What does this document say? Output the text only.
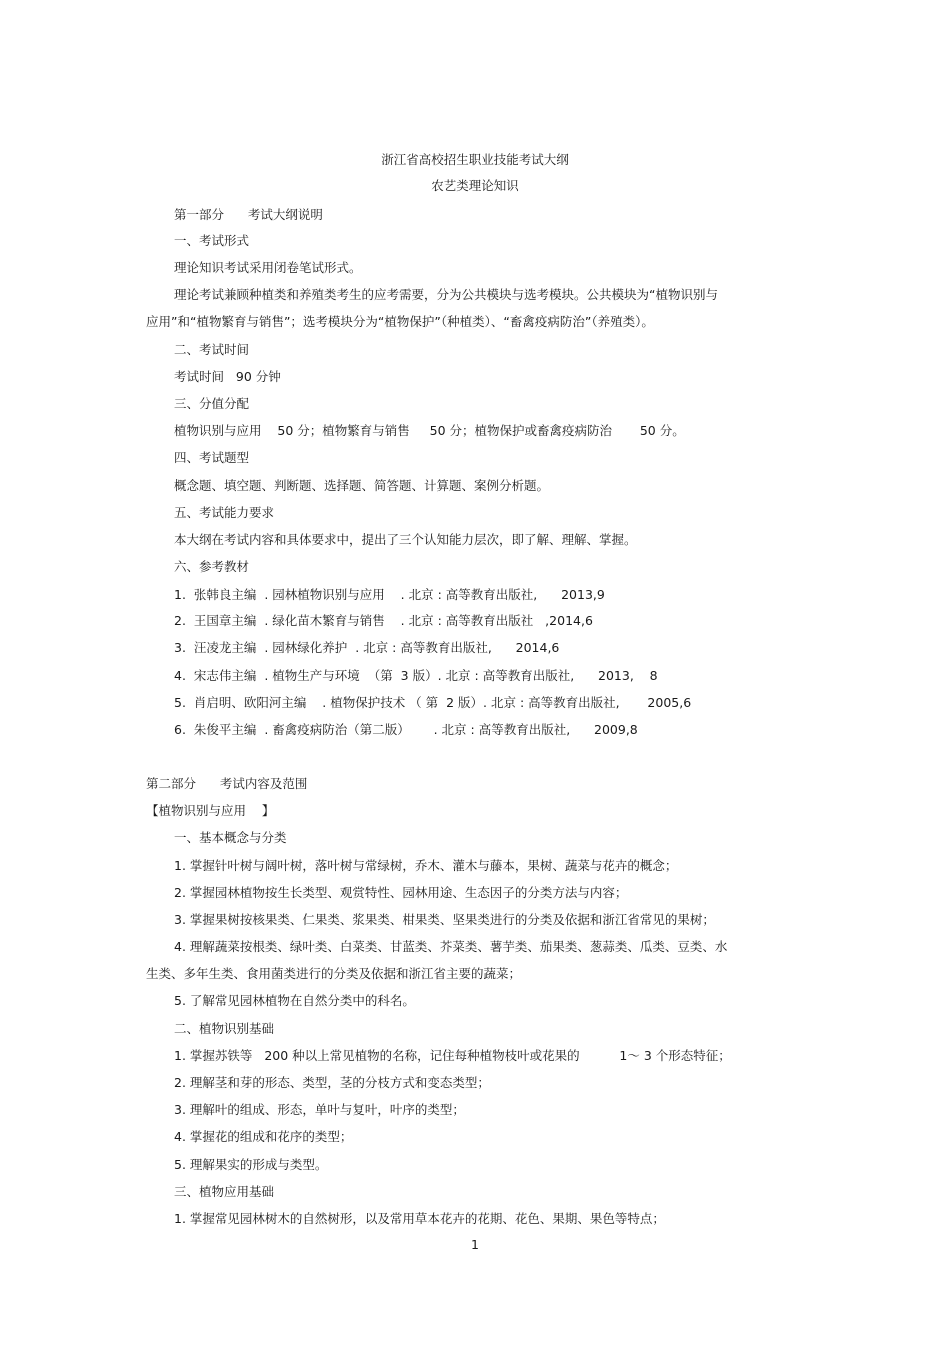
浙江省高校招生职业技能考试大纲
农艺类理论知识
第一部分      考试大纲说明
一、考试形式
理论知识考试采用闭卷笔试形式。
理论考试兼顾种植类和养殖类考生的应考需要，分为公共模块与选考模块。公共模块为“植物识别与
应用”和“植物繁育与销售”；选考模块分为“植物保护”（种植类）、“畜禽疫病防治”（养殖类）。
二、考试时间
考试时间   90 分钟
三、分值分配
植物识别与应用    50 分；植物繁育与销售     50 分；植物保护或畜禽疫病防治       50 分。
四、考试题型
概念题、填空题、判断题、选择题、简答题、计算题、案例分析题。
五、考试能力要求
本大纲在考试内容和具体要求中，提出了三个认知能力层次，即了解、理解、掌握。
六、参考教材
1.  张韩良主编  . 园林植物识别与应用    . 北京 : 高等教育出版社,      2013,9
2.  王国章主编  . 绿化苗木繁育与销售    . 北京 : 高等教育出版社   ,2014,6
3.  汪凌龙主编  . 园林绿化养护  . 北京 : 高等教育出版社,      2014,6
4.  宋志伟主编  . 植物生产与环境  （第  3 版）. 北京 : 高等教育出版社,      2013,    8
5.  肖启明、欧阳河主编    . 植物保护技术 （ 第  2 版）. 北京 : 高等教育出版社,       2005,6
6.  朱俊平主编  . 畜禽疫病防治（第二版）      . 北京 : 高等教育出版社,      2009,8
第二部分      考试内容及范围
【植物识别与应用    】
一、基本概念与分类
1. 掌握针叶树与阔叶树，落叶树与常绿树，乔木、灌木与藤本，果树、蔬菜与花卉的概念；
2. 掌握园林植物按生长类型、观赏特性、园林用途、生态因子的分类方法与内容；
3. 掌握果树按核果类、仁果类、浆果类、柑果类、坚果类进行的分类及依据和浙江省常见的果树；
4. 理解蔬菜按根类、绿叶类、白菜类、甘蓝类、芥菜类、薯芋类、茄果类、葱蒜类、瓜类、豆类、水
生类、多年生类、食用菌类进行的分类及依据和浙江省主要的蔬菜；
5. 了解常见园林植物在自然分类中的科名。
二、植物识别基础
1. 掌握苏铁等   200 种以上常见植物的名称，记住每种植物枝叶或花果的          1～ 3 个形态特征；
2. 理解茎和芽的形态、类型，茎的分枝方式和变态类型；
3. 理解叶的组成、形态，单叶与复叶，叶序的类型；
4. 掌握花的组成和花序的类型；
5. 理解果实的形成与类型。
三、植物应用基础
1. 掌握常见园林树木的自然树形，以及常用草本花卉的花期、花色、果期、果色等特点；
1
